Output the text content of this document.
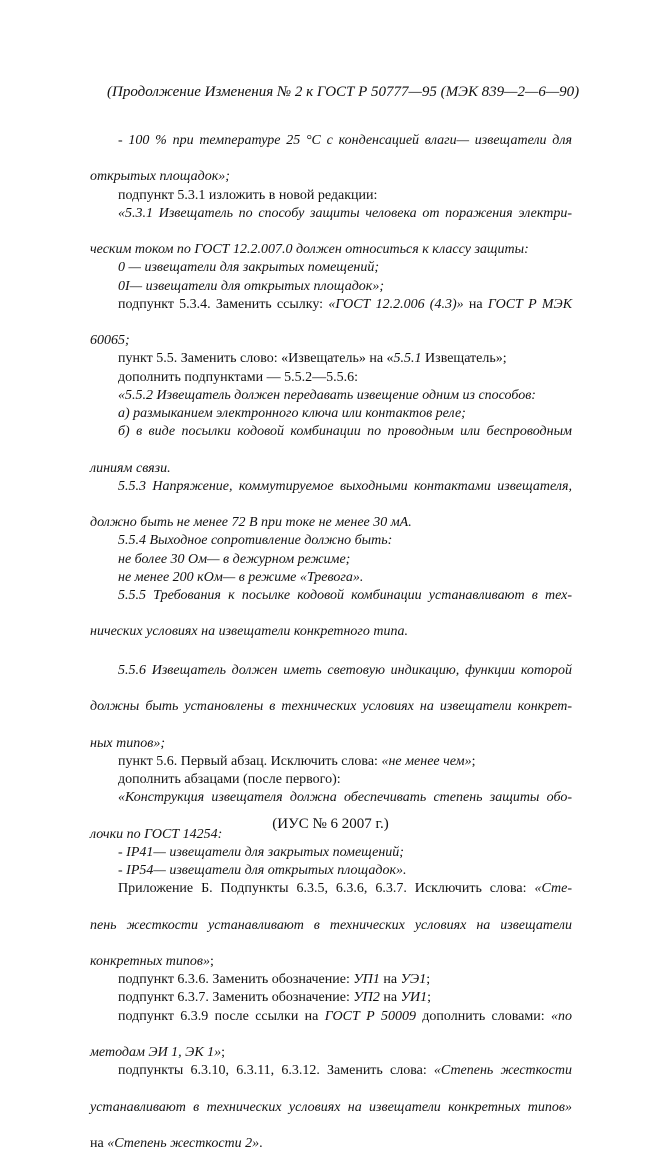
(Продолжение Изменения № 2 к ГОСТ Р 50777—95 (МЭК 839—2—6—90)

- 100 % при температуре 25 °С с конденсацией влаги— извещатели для

открытых площадок»;

подпункт 5.3.1 изложить в новой редакции:

«5.3.1 Извещатель по способу защиты человека от поражения электри-

ческим током по ГОСТ 12.2.007.0 должен относиться к классу защиты:

0 — извещатели для закрытых помещений;

0I— извещатели для открытых площадок»;

подпункт 5.3.4. Заменить ссылку: «ГОСТ 12.2.006 (4.3)» на ГОСТ Р МЭК

60065;

пункт 5.5. Заменить слово: «Извещатель» на «5.5.1 Извещатель»;

дополнить подпунктами — 5.5.2—5.5.6:

«5.5.2 Извещатель должен передавать извещение одним из способов:

а) размыканием электронного ключа или контактов реле;

б) в виде посылки кодовой комбинации по проводным или беспроводным

линиям связи.

5.5.3 Напряжение, коммутируемое выходными контактами извещателя,

должно быть не менее 72 В при токе не менее 30 мА.

5.5.4 Выходное сопротивление должно быть:

не более 30 Ом— в дежурном режиме;

не менее 200 кОм— в режиме «Тревога».

5.5.5 Требования к посылке кодовой комбинации устанавливают в тех-

нических условиях на извещатели конкретного типа.

5.5.6 Извещатель должен иметь световую индикацию, функции которой

должны быть установлены в технических условиях на извещатели конкрет-

ных типов»;

пункт 5.6. Первый абзац. Исключить слова: «не менее чем»;

дополнить абзацами (после первого):

«Конструкция извещателя должна обеспечивать степень защиты обо-

лочки по ГОСТ 14254:

- IP41— извещатели для закрытых помещений;

- IP54— извещатели для открытых площадок».

Приложение Б. Подпункты 6.3.5, 6.3.6, 6.3.7. Исключить слова: «Сте-

пень жесткости устанавливают в технических условиях на извещатели

конкретных типов»;

подпункт 6.3.6. Заменить обозначение: УП1 на УЭ1;

подпункт 6.3.7. Заменить обозначение: УП2 на УИ1;

подпункт 6.3.9 после ссылки на ГОСТ Р 50009 дополнить словами: «по

методам ЭИ 1, ЭК 1»;

подпункты 6.3.10, 6.3.11, 6.3.12. Заменить слова: «Степень жесткости

устанавливают в технических условиях на извещатели конкретных типов»

на «Степень жесткости 2».

(ИУС № 6 2007 г.)
